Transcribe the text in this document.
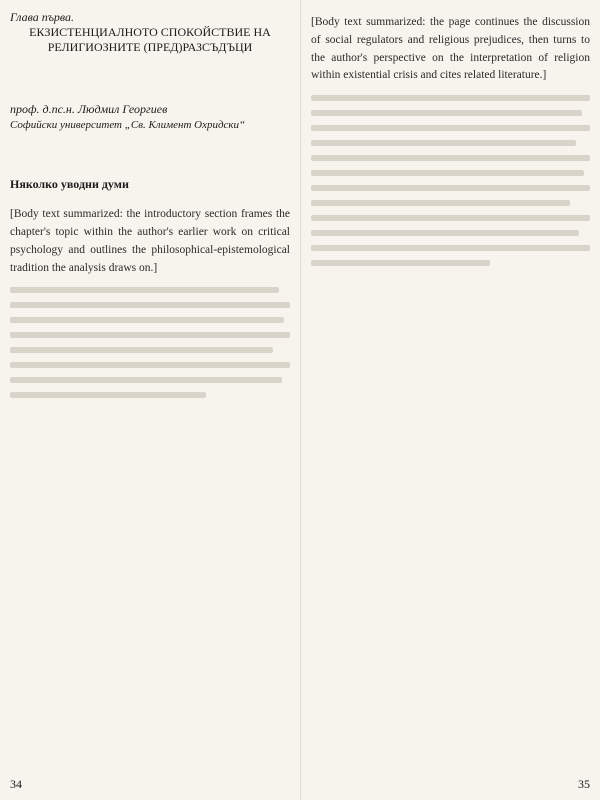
Глава първа.
ЕКЗИСТЕНЦИАЛНОТО СПОКОЙСТВИЕ НА РЕЛИГИОЗНИТЕ (ПРЕД)РАЗСЪДЪЦИ
проф. д.пс.н. Людмил Георгиев
Софийски университет „Св. Климент Охридски“
Няколко уводни думи

[Body text summarized: the introductory section frames the chapter's topic within the author's earlier work on critical psychology and outlines the philosophical-epistemological tradition the analysis draws on.]

34

[Body text summarized: the page continues the discussion of social regulators and religious prejudices, then turns to the author's perspective on the interpretation of religion within existential crisis and cites related literature.]

35
